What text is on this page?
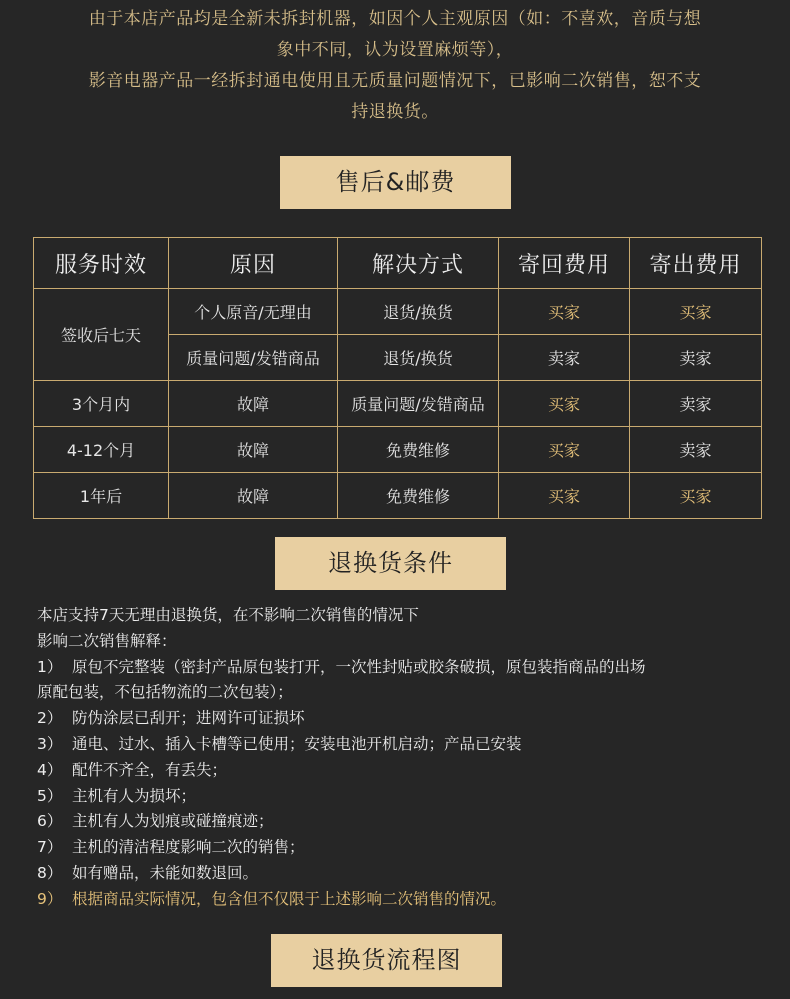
由于本店产品均是全新未拆封机器，如因个人主观原因（如：不喜欢，音质与想

象中不同，认为设置麻烦等），

影音电器产品一经拆封通电使用且无质量问题情况下，已影响二次销售，恕不支

持退换货。

售后&邮费
服务时效	原因	解决方式	寄回费用	寄出费用
签收后七天	个人原音/无理由	退货/换货	买家	买家
	质量问题/发错商品	退货/换货	卖家	卖家
3个月内	故障	质量问题/发错商品	买家	卖家
4-12个月	故障	免费维修	买家	卖家
1年后	故障	免费维修	买家	买家
退换货条件

本店支持7天无理由退换货，在不影响二次销售的情况下

影响二次销售解释：

1） 原包不完整装（密封产品原包装打开，一次性封贴或胶条破损，原包装指商品的出场

原配包装，不包括物流的二次包装）；

2） 防伪涂层已刮开；进网许可证损坏

3） 通电、过水、插入卡槽等已使用；安装电池开机启动；产品已安装

4） 配件不齐全，有丢失；

5） 主机有人为损坏；

6） 主机有人为划痕或碰撞痕迹；

7） 主机的清洁程度影响二次的销售；

8） 如有赠品，未能如数退回。

9） 根据商品实际情况，包含但不仅限于上述影响二次销售的情况。

退换货流程图
